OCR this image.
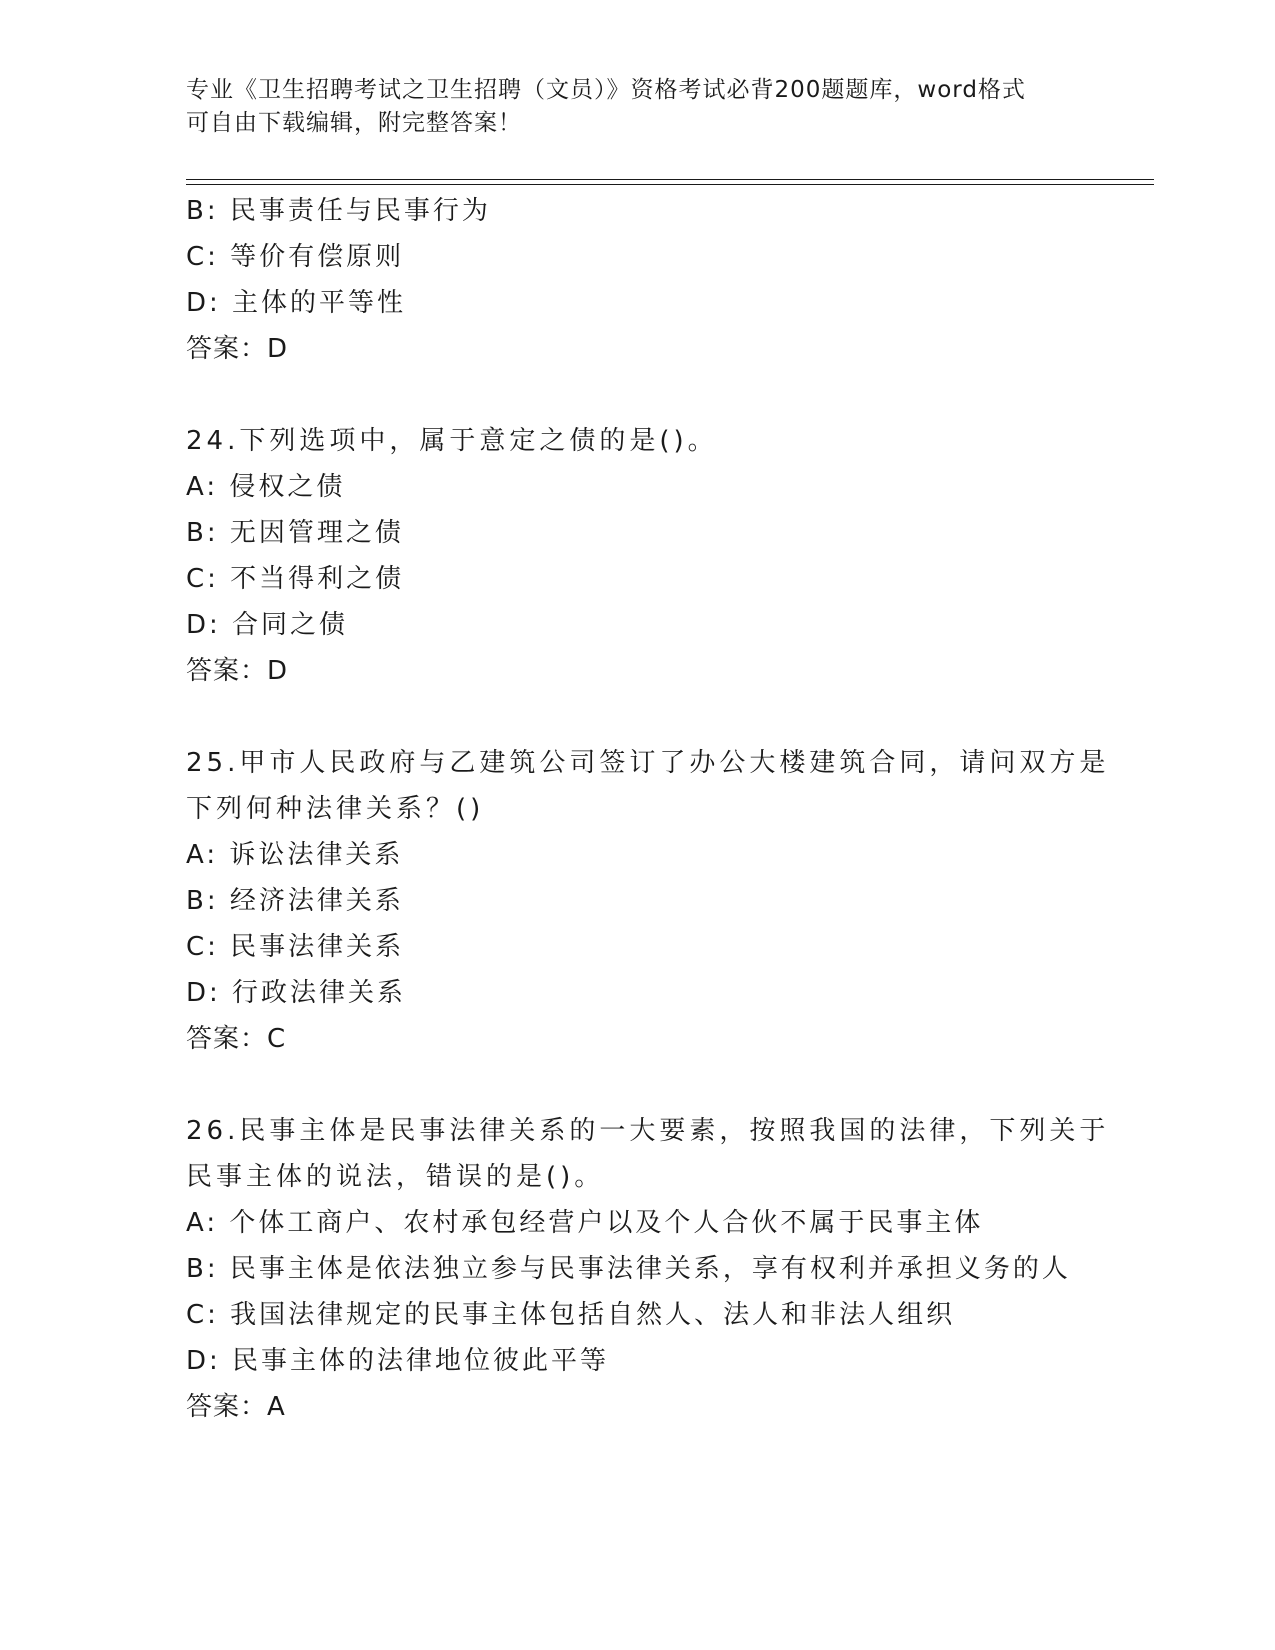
专业《卫生招聘考试之卫生招聘（文员）》资格考试必背200题题库，word格式
可自由下载编辑，附完整答案！
B: 民事责任与民事行为
C: 等价有偿原则
D: 主体的平等性
答案：D
24.下列选项中，属于意定之债的是()。
A: 侵权之债
B: 无因管理之债
C: 不当得利之债
D: 合同之债
答案：D
25.甲市人民政府与乙建筑公司签订了办公大楼建筑合同，请问双方是
下列何种法律关系？()
A: 诉讼法律关系
B: 经济法律关系
C: 民事法律关系
D: 行政法律关系
答案：C
26.民事主体是民事法律关系的一大要素，按照我国的法律，下列关于
民事主体的说法，错误的是()。
A: 个体工商户、农村承包经营户以及个人合伙不属于民事主体
B: 民事主体是依法独立参与民事法律关系，享有权利并承担义务的人
C: 我国法律规定的民事主体包括自然人、法人和非法人组织
D: 民事主体的法律地位彼此平等
答案：A
